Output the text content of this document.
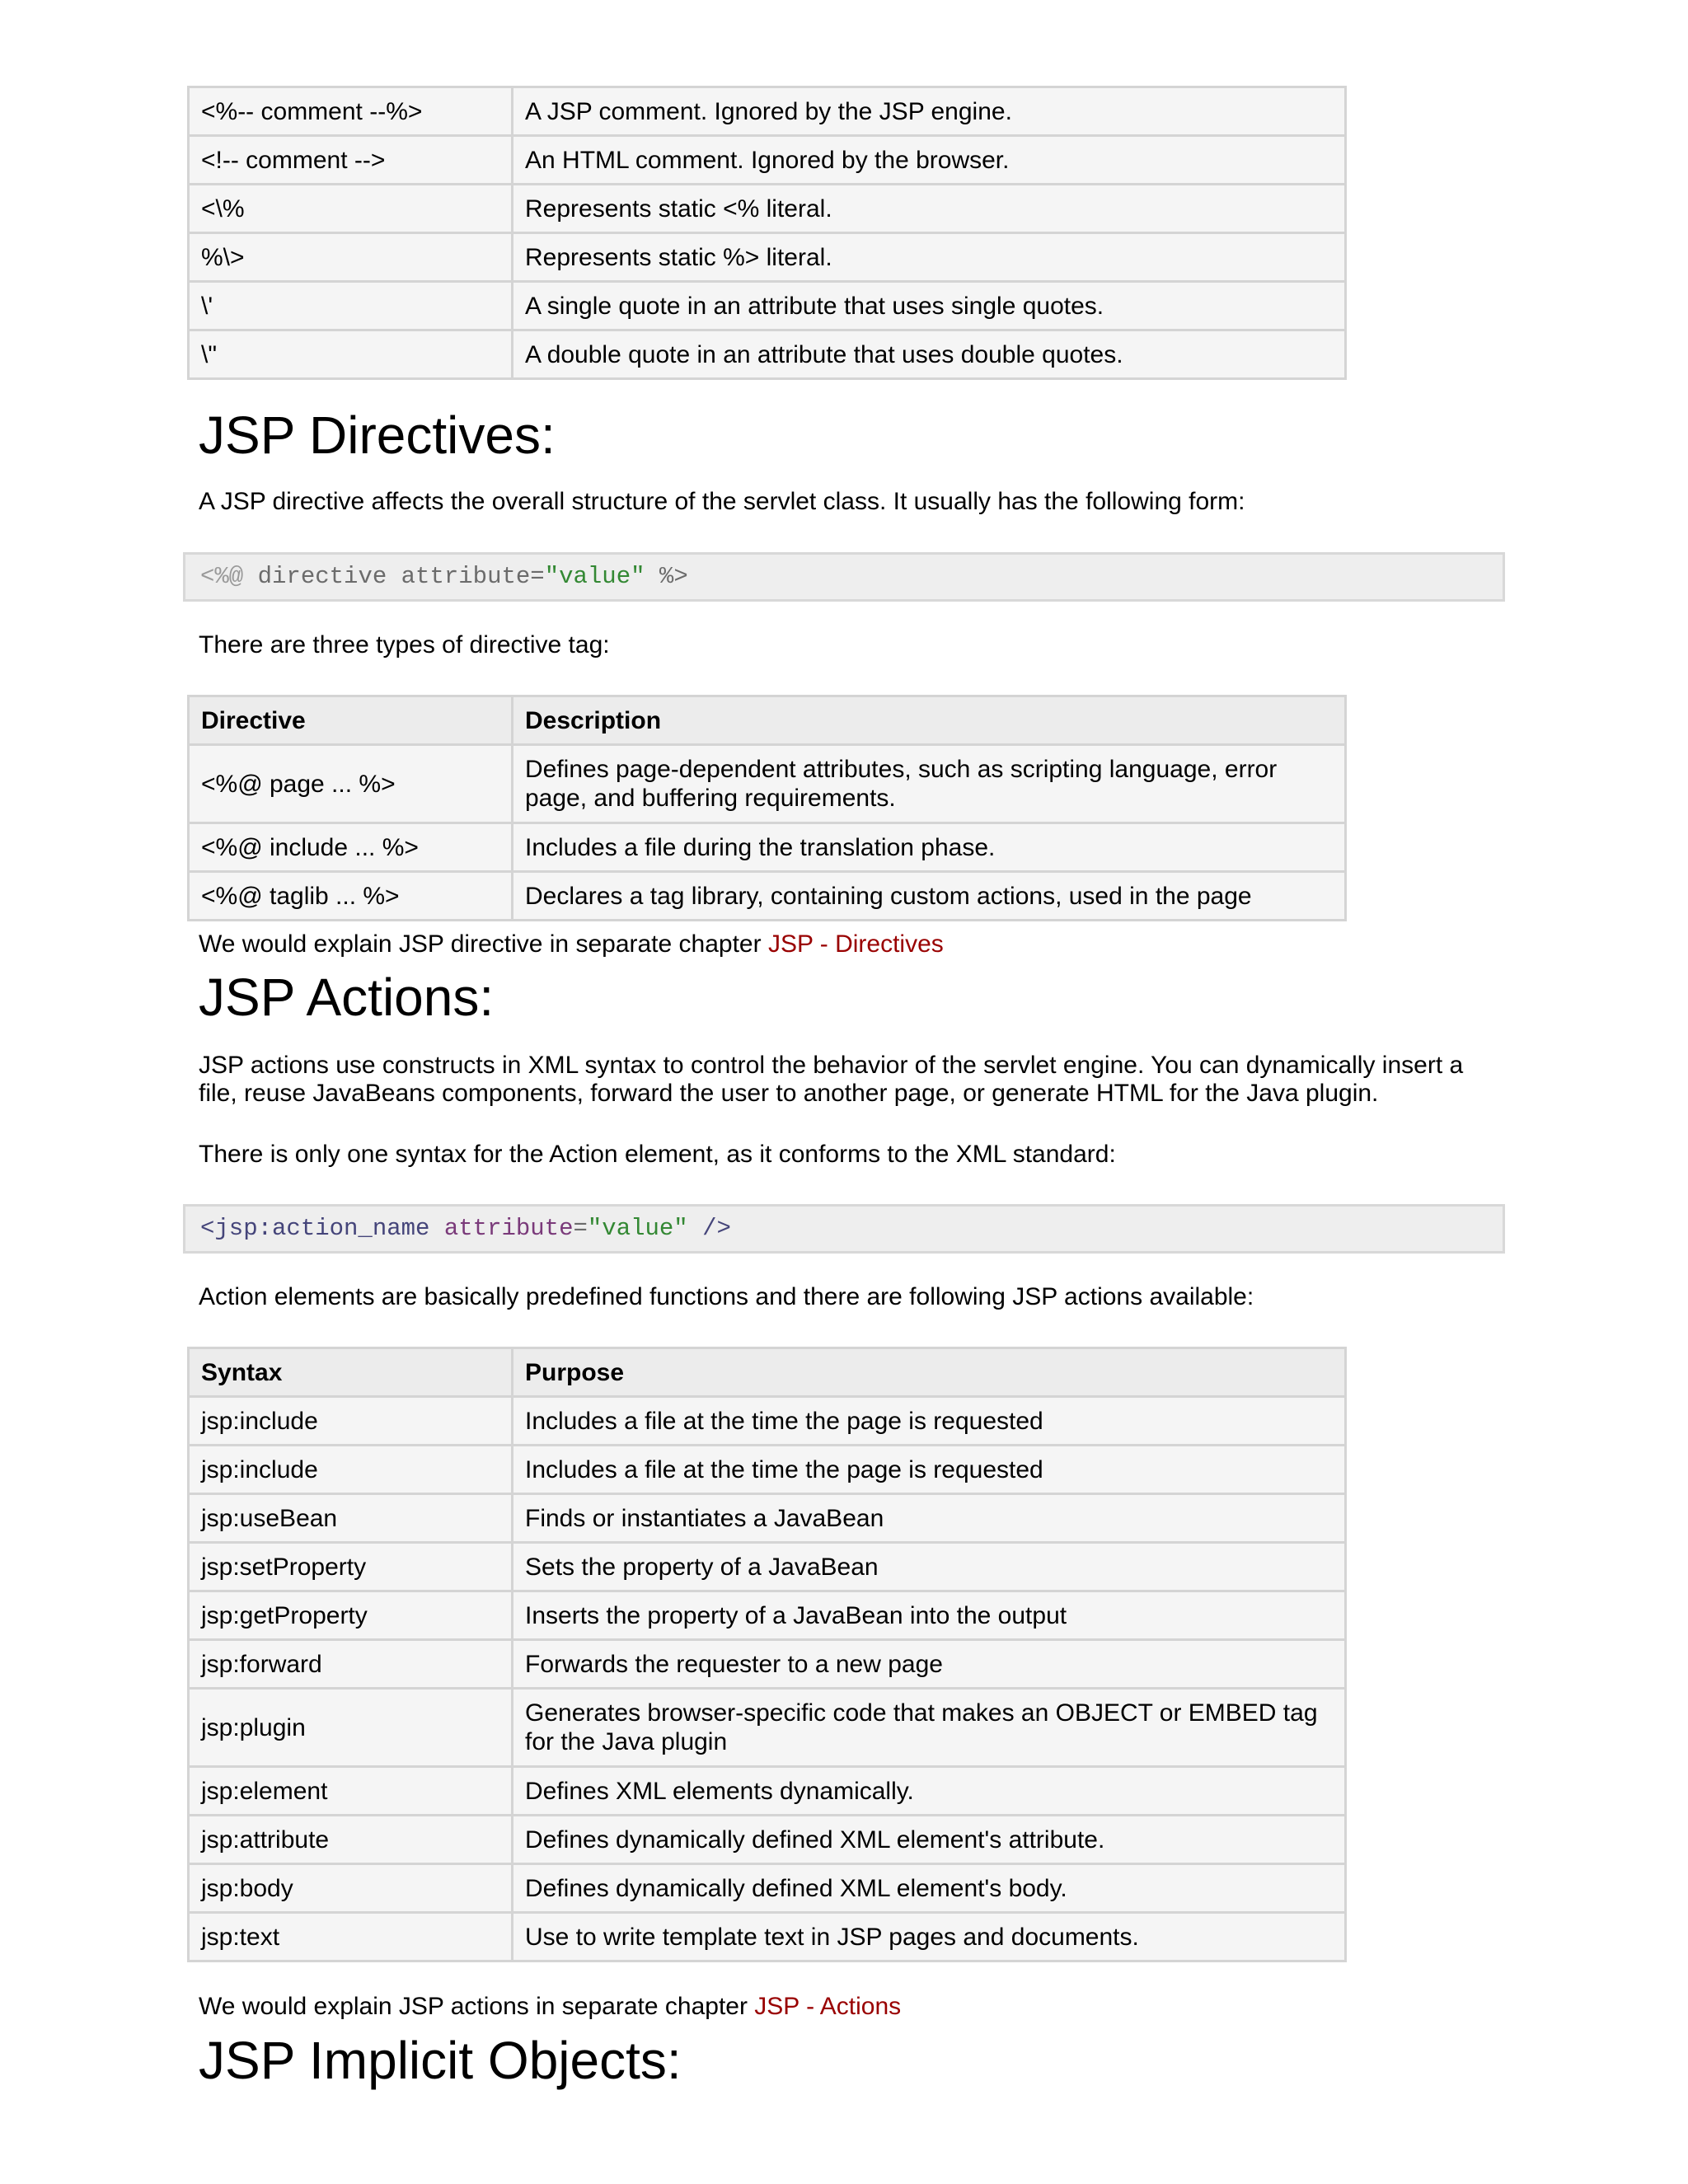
<%-- comment --%>	A JSP comment. Ignored by the JSP engine.
<!-- comment -->	An HTML comment. Ignored by the browser.
<\%	Represents static <% literal.
%\>	Represents static %> literal.
\'	A single quote in an attribute that uses single quotes.
\"	A double quote in an attribute that uses double quotes.
JSP Directives:

A JSP directive affects the overall structure of the servlet class. It usually has the following form:

<%@ directive attribute="value" %>

There are three types of directive tag:

Directive	Description
<%@ page ... %>	Defines page-dependent attributes, such as scripting language, error page, and buffering requirements.
<%@ include ... %>	Includes a file during the translation phase.
<%@ taglib ... %>	Declares a tag library, containing custom actions, used in the page

We would explain JSP directive in separate chapter JSP - Directives

JSP Actions:

JSP actions use constructs in XML syntax to control the behavior of the servlet engine. You can dynamically insert a file, reuse JavaBeans components, forward the user to another page, or generate HTML for the Java plugin.

There is only one syntax for the Action element, as it conforms to the XML standard:

<jsp:action_name attribute="value" />

Action elements are basically predefined functions and there are following JSP actions available:

Syntax	Purpose
jsp:include	Includes a file at the time the page is requested
jsp:include	Includes a file at the time the page is requested
jsp:useBean	Finds or instantiates a JavaBean
jsp:setProperty	Sets the property of a JavaBean
jsp:getProperty	Inserts the property of a JavaBean into the output
jsp:forward	Forwards the requester to a new page
jsp:plugin	Generates browser-specific code that makes an OBJECT or EMBED tag for the Java plugin
jsp:element	Defines XML elements dynamically.
jsp:attribute	Defines dynamically defined XML element's attribute.
jsp:body	Defines dynamically defined XML element's body.
jsp:text	Use to write template text in JSP pages and documents.

We would explain JSP actions in separate chapter JSP - Actions

JSP Implicit Objects:
